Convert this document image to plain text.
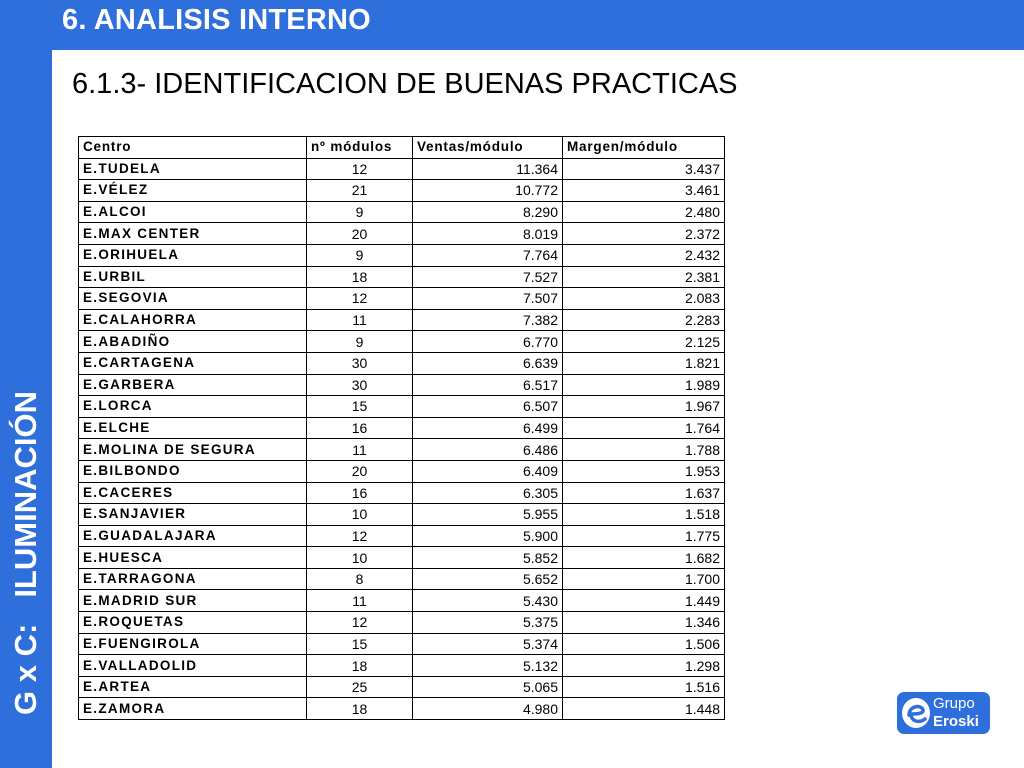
6. ANALISIS INTERNO
G x C:ILUMINACIÓN
6.1.3- IDENTIFICACION DE BUENAS PRACTICAS
Centro	nº módulos	Ventas/módulo	Margen/módulo
E.TUDELA	12	11.364	3.437
E.VÉLEZ	21	10.772	3.461
E.ALCOI	9	8.290	2.480
E.MAX CENTER	20	8.019	2.372
E.ORIHUELA	9	7.764	2.432
E.URBIL	18	7.527	2.381
E.SEGOVIA	12	7.507	2.083
E.CALAHORRA	11	7.382	2.283
E.ABADIÑO	9	6.770	2.125
E.CARTAGENA	30	6.639	1.821
E.GARBERA	30	6.517	1.989
E.LORCA	15	6.507	1.967
E.ELCHE	16	6.499	1.764
E.MOLINA DE SEGURA	11	6.486	1.788
E.BILBONDO	20	6.409	1.953
E.CACERES	16	6.305	1.637
E.SANJAVIER	10	5.955	1.518
E.GUADALAJARA	12	5.900	1.775
E.HUESCA	10	5.852	1.682
E.TARRAGONA	8	5.652	1.700
E.MADRID SUR	11	5.430	1.449
E.ROQUETAS	12	5.375	1.346
E.FUENGIROLA	15	5.374	1.506
E.VALLADOLID	18	5.132	1.298
E.ARTEA	25	5.065	1.516
E.ZAMORA	18	4.980	1.448	Grupo
Eroski
